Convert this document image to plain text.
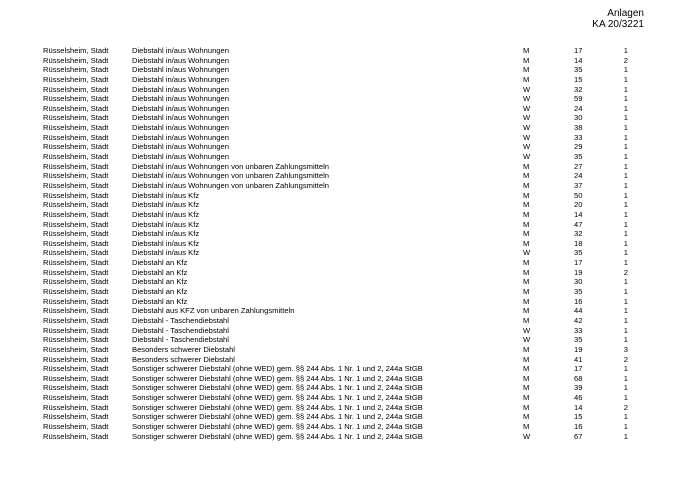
Anlagen
KA 20/3221
Rüsselsheim, Stadt	Diebstahl in/aus Wohnungen	M	17	1
Rüsselsheim, Stadt	Diebstahl in/aus Wohnungen	M	14	2
Rüsselsheim, Stadt	Diebstahl in/aus Wohnungen	M	35	1
Rüsselsheim, Stadt	Diebstahl in/aus Wohnungen	M	15	1
Rüsselsheim, Stadt	Diebstahl in/aus Wohnungen	W	32	1
Rüsselsheim, Stadt	Diebstahl in/aus Wohnungen	W	59	1
Rüsselsheim, Stadt	Diebstahl in/aus Wohnungen	W	24	1
Rüsselsheim, Stadt	Diebstahl in/aus Wohnungen	W	30	1
Rüsselsheim, Stadt	Diebstahl in/aus Wohnungen	W	38	1
Rüsselsheim, Stadt	Diebstahl in/aus Wohnungen	W	33	1
Rüsselsheim, Stadt	Diebstahl in/aus Wohnungen	W	29	1
Rüsselsheim, Stadt	Diebstahl in/aus Wohnungen	W	35	1
Rüsselsheim, Stadt	Diebstahl in/aus Wohnungen von unbaren Zahlungsmitteln	M	27	1
Rüsselsheim, Stadt	Diebstahl in/aus Wohnungen von unbaren Zahlungsmitteln	M	24	1
Rüsselsheim, Stadt	Diebstahl in/aus Wohnungen von unbaren Zahlungsmitteln	M	37	1
Rüsselsheim, Stadt	Diebstahl in/aus Kfz	M	50	1
Rüsselsheim, Stadt	Diebstahl in/aus Kfz	M	20	1
Rüsselsheim, Stadt	Diebstahl in/aus Kfz	M	14	1
Rüsselsheim, Stadt	Diebstahl in/aus Kfz	M	47	1
Rüsselsheim, Stadt	Diebstahl in/aus Kfz	M	32	1
Rüsselsheim, Stadt	Diebstahl in/aus Kfz	M	18	1
Rüsselsheim, Stadt	Diebstahl in/aus Kfz	W	35	1
Rüsselsheim, Stadt	Diebstahl an Kfz	M	17	1
Rüsselsheim, Stadt	Diebstahl an Kfz	M	19	2
Rüsselsheim, Stadt	Diebstahl an Kfz	M	30	1
Rüsselsheim, Stadt	Diebstahl an Kfz	M	35	1
Rüsselsheim, Stadt	Diebstahl an Kfz	M	16	1
Rüsselsheim, Stadt	Diebstahl aus KFZ von unbaren Zahlungsmitteln	M	44	1
Rüsselsheim, Stadt	Diebstahl - Taschendiebstahl	M	42	1
Rüsselsheim, Stadt	Diebstahl - Taschendiebstahl	W	33	1
Rüsselsheim, Stadt	Diebstahl - Taschendiebstahl	W	35	1
Rüsselsheim, Stadt	Besonders schwerer Diebstahl	M	19	3
Rüsselsheim, Stadt	Besonders schwerer Diebstahl	M	41	2
Rüsselsheim, Stadt	Sonstiger schwerer Diebstahl (ohne WED) gem. §§ 244 Abs. 1 Nr. 1 und 2, 244a StGB	M	17	1
Rüsselsheim, Stadt	Sonstiger schwerer Diebstahl (ohne WED) gem. §§ 244 Abs. 1 Nr. 1 und 2, 244a StGB	M	68	1
Rüsselsheim, Stadt	Sonstiger schwerer Diebstahl (ohne WED) gem. §§ 244 Abs. 1 Nr. 1 und 2, 244a StGB	M	39	1
Rüsselsheim, Stadt	Sonstiger schwerer Diebstahl (ohne WED) gem. §§ 244 Abs. 1 Nr. 1 und 2, 244a StGB	M	46	1
Rüsselsheim, Stadt	Sonstiger schwerer Diebstahl (ohne WED) gem. §§ 244 Abs. 1 Nr. 1 und 2, 244a StGB	M	14	2
Rüsselsheim, Stadt	Sonstiger schwerer Diebstahl (ohne WED) gem. §§ 244 Abs. 1 Nr. 1 und 2, 244a StGB	M	15	1
Rüsselsheim, Stadt	Sonstiger schwerer Diebstahl (ohne WED) gem. §§ 244 Abs. 1 Nr. 1 und 2, 244a StGB	M	16	1
Rüsselsheim, Stadt	Sonstiger schwerer Diebstahl (ohne WED) gem. §§ 244 Abs. 1 Nr. 1 und 2, 244a StGB	W	67	1
